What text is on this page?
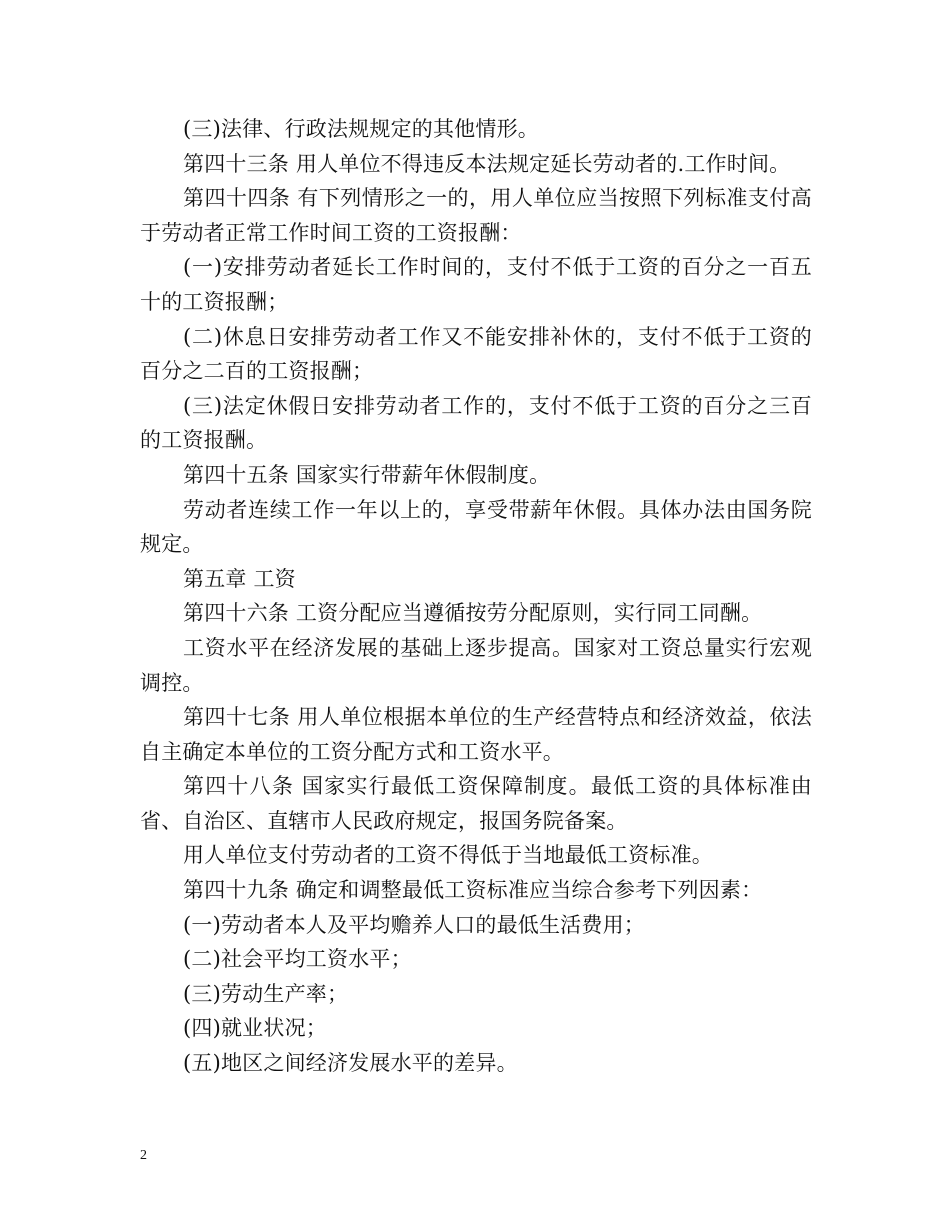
(三)法律、行政法规规定的其他情形。

第四十三条 用人单位不得违反本法规定延长劳动者的.工作时间。

第四十四条 有下列情形之一的，用人单位应当按照下列标准支付高于劳动者正常工作时间工资的工资报酬：

(一)安排劳动者延长工作时间的，支付不低于工资的百分之一百五十的工资报酬；

(二)休息日安排劳动者工作又不能安排补休的，支付不低于工资的百分之二百的工资报酬；

(三)法定休假日安排劳动者工作的，支付不低于工资的百分之三百的工资报酬。

第四十五条 国家实行带薪年休假制度。

劳动者连续工作一年以上的，享受带薪年休假。具体办法由国务院规定。

第五章 工资

第四十六条 工资分配应当遵循按劳分配原则，实行同工同酬。

工资水平在经济发展的基础上逐步提高。国家对工资总量实行宏观调控。

第四十七条 用人单位根据本单位的生产经营特点和经济效益，依法自主确定本单位的工资分配方式和工资水平。

第四十八条 国家实行最低工资保障制度。最低工资的具体标准由省、自治区、直辖市人民政府规定，报国务院备案。

用人单位支付劳动者的工资不得低于当地最低工资标准。

第四十九条 确定和调整最低工资标准应当综合参考下列因素：

(一)劳动者本人及平均赡养人口的最低生活费用；

(二)社会平均工资水平；

(三)劳动生产率；

(四)就业状况；

(五)地区之间经济发展水平的差异。

2
